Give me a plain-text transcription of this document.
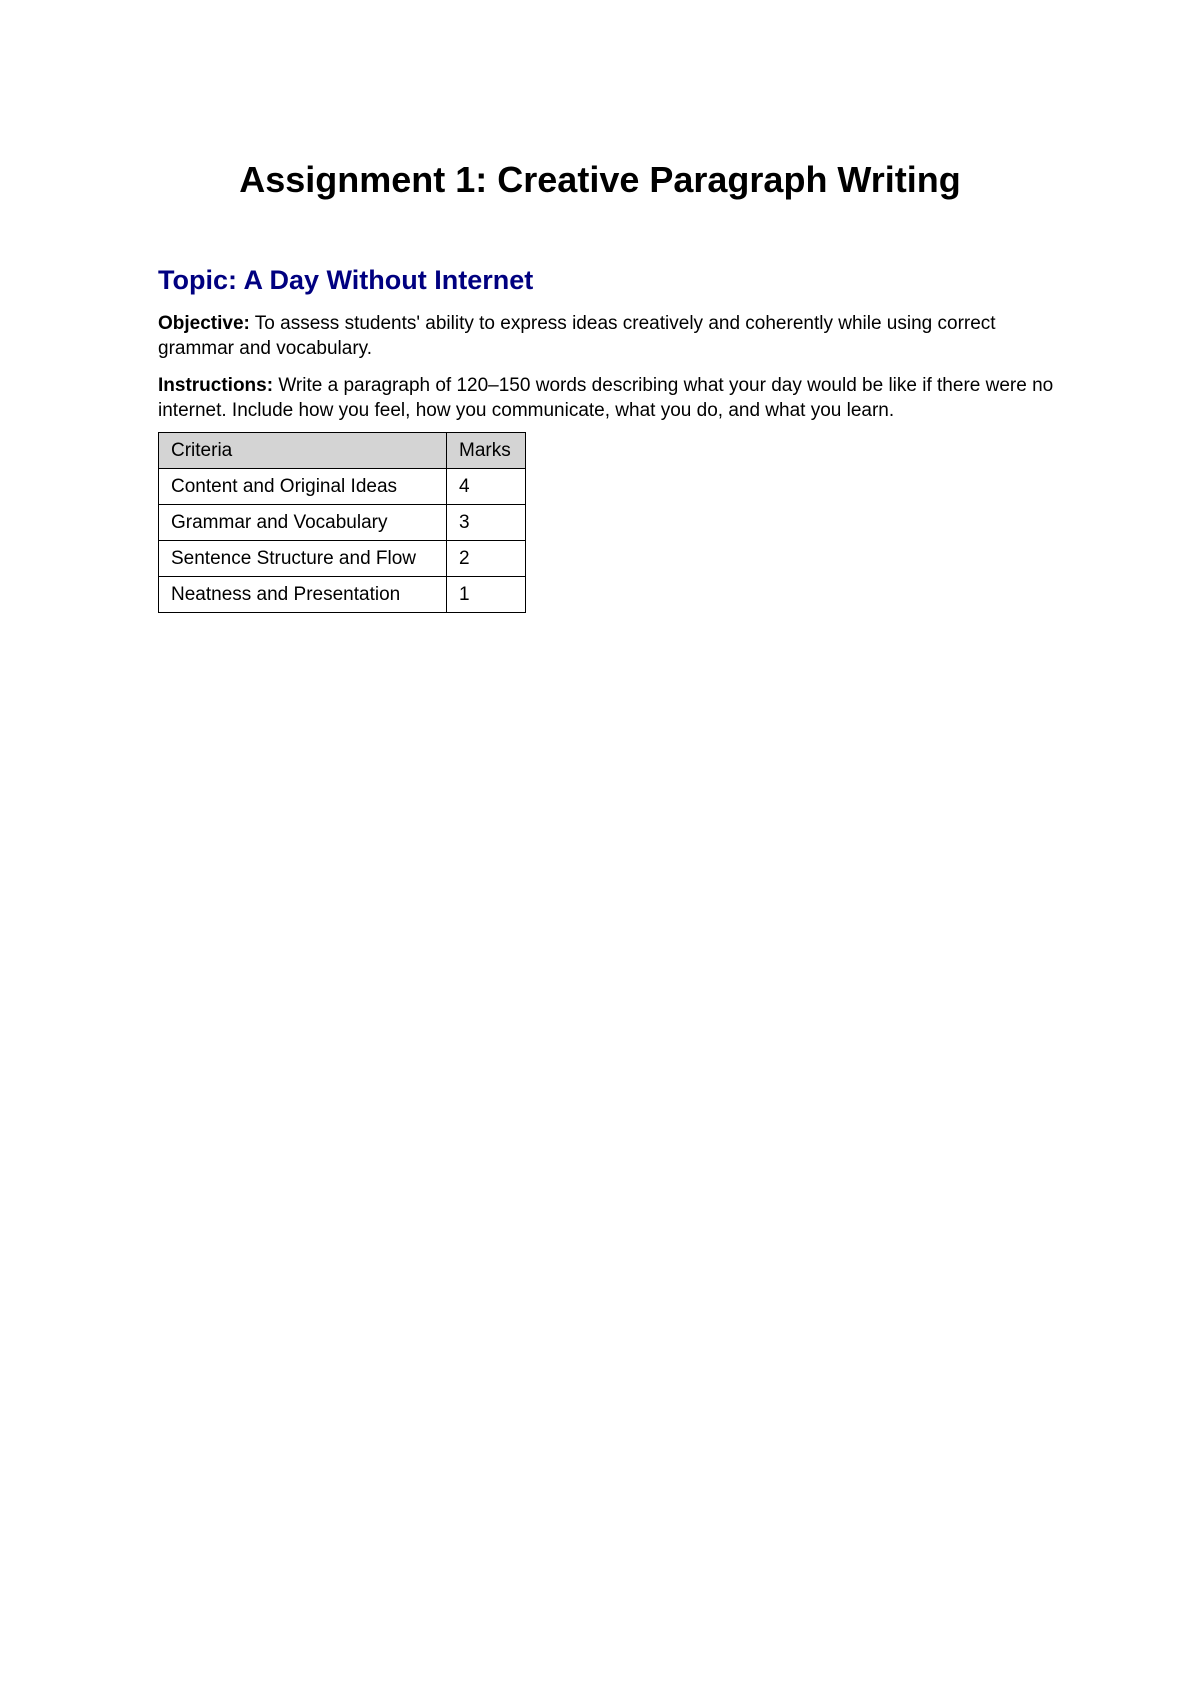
Assignment 1: Creative Paragraph Writing
Topic: A Day Without Internet

Objective: To assess students' ability to express ideas creatively and coherently while using correct grammar and vocabulary.

Instructions: Write a paragraph of 120–150 words describing what your day would be like if there were no internet. Include how you feel, how you communicate, what you do, and what you learn.

Criteria	Marks
Content and Original Ideas	4
Grammar and Vocabulary	3
Sentence Structure and Flow	2
Neatness and Presentation	1
